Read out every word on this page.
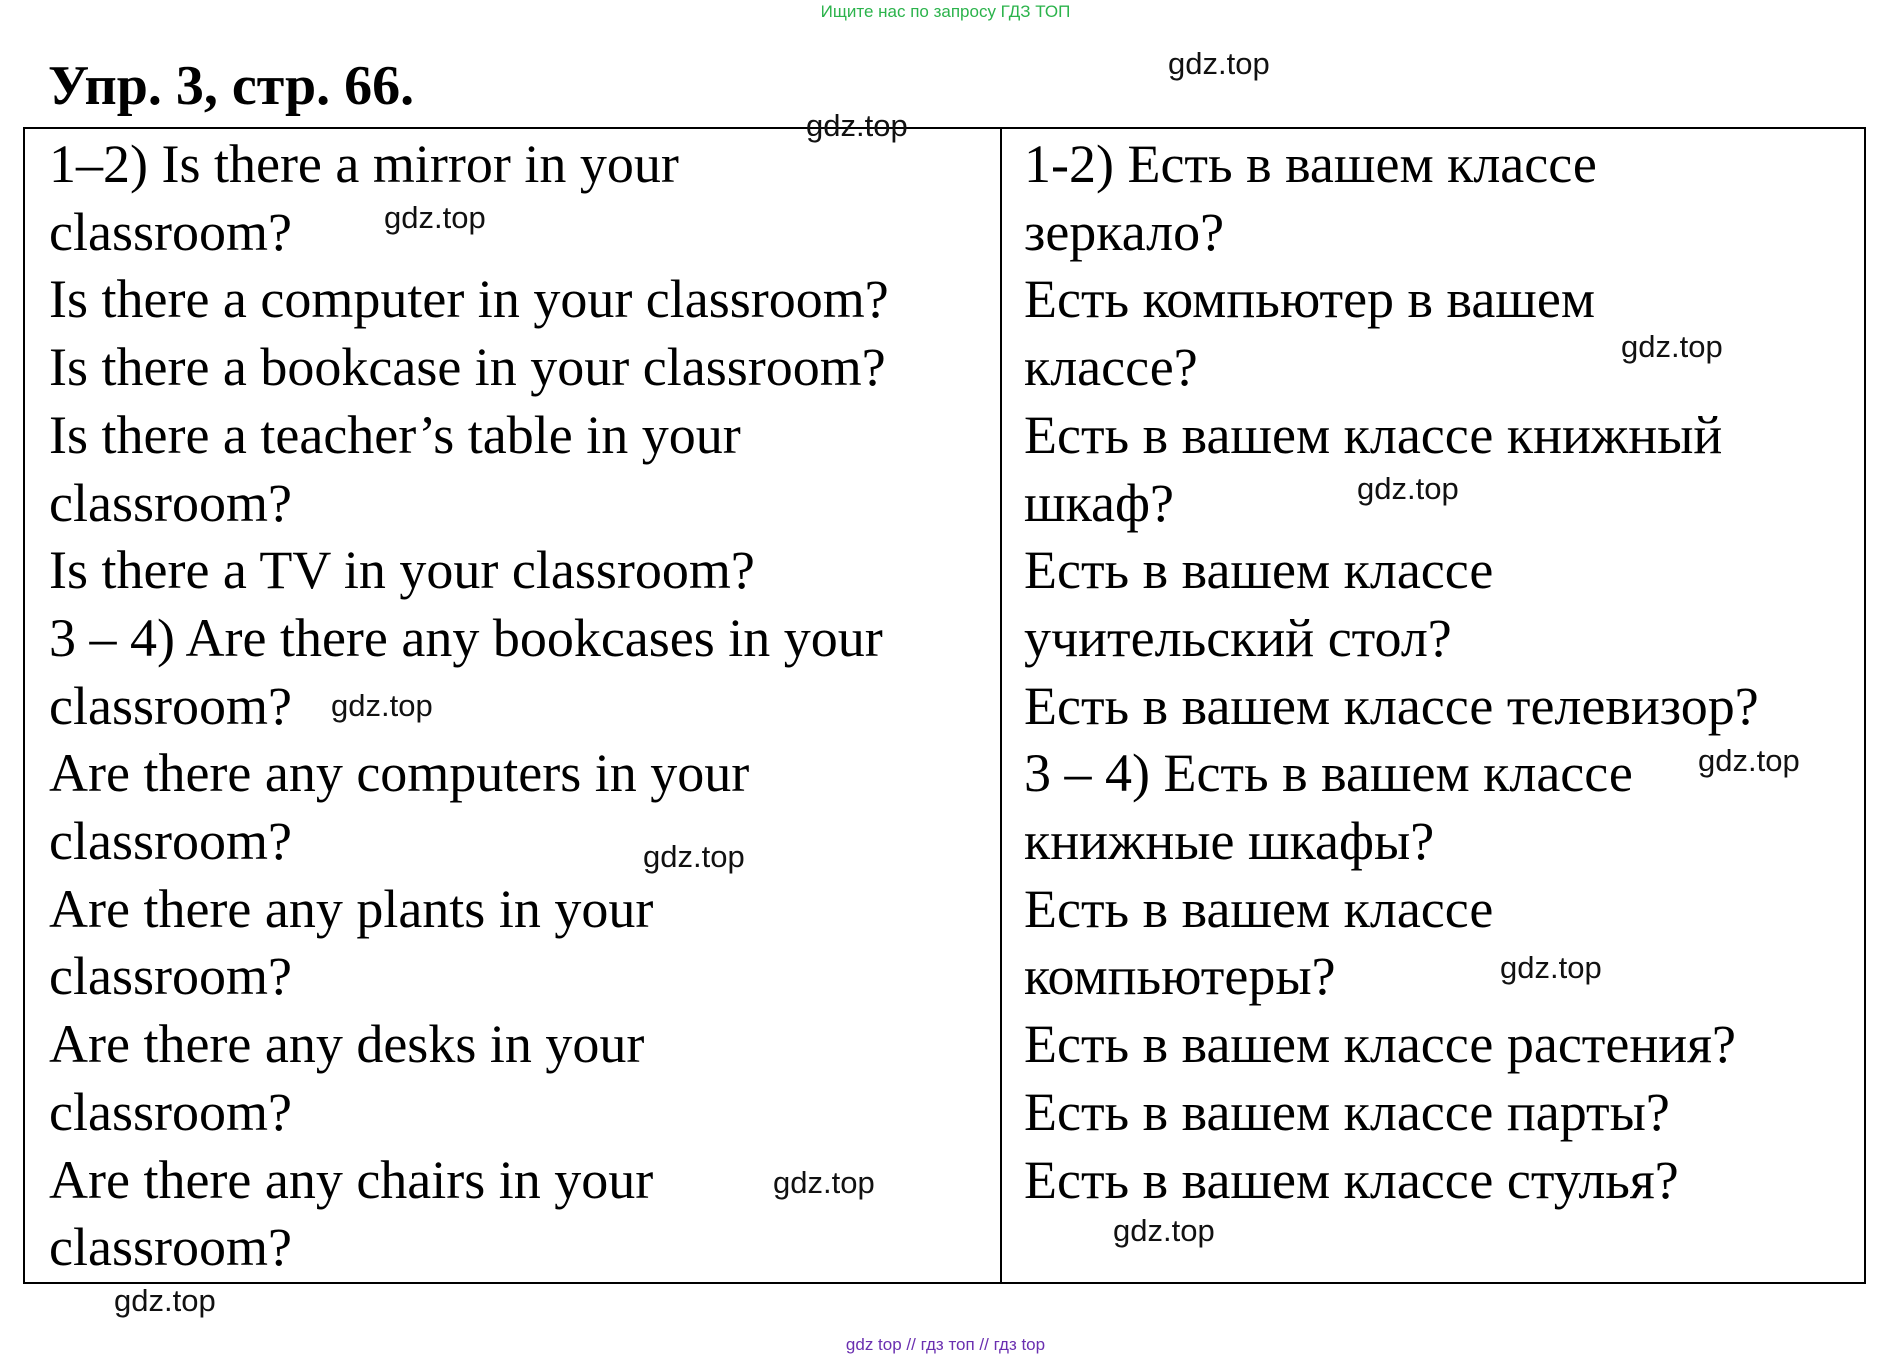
Ищите нас по запросу ГДЗ ТОП
Упр. 3, стр. 66.
1–2) Is there a mirror in your
classroom?
Is there a computer in your classroom?
Is there a bookcase in your classroom?
Is there a teacher’s table in your
classroom?
Is there a TV in your classroom?
3 – 4) Are there any bookcases in your
classroom?
Are there any computers in your
classroom?
Are there any plants in your
classroom?
Are there any desks in your
classroom?
Are there any chairs in your
classroom?
1-2) Есть в вашем классе
зеркало?
Есть компьютер в вашем
классе?
Есть в вашем классе книжный
шкаф?
Есть в вашем классе
учительский стол?
Есть в вашем классе телевизор?
3 – 4) Есть в вашем классе
книжные шкафы?
Есть в вашем классе
компьютеры?
Есть в вашем классе растения?
Есть в вашем классе парты?
Есть в вашем классе стулья?
gdz.top
gdz.top
gdz.top
gdz.top
gdz.top
gdz.top
gdz.top
gdz.top
gdz.top
gdz.top
gdz.top
gdz.top
gdz top // гдз топ // гдз top
